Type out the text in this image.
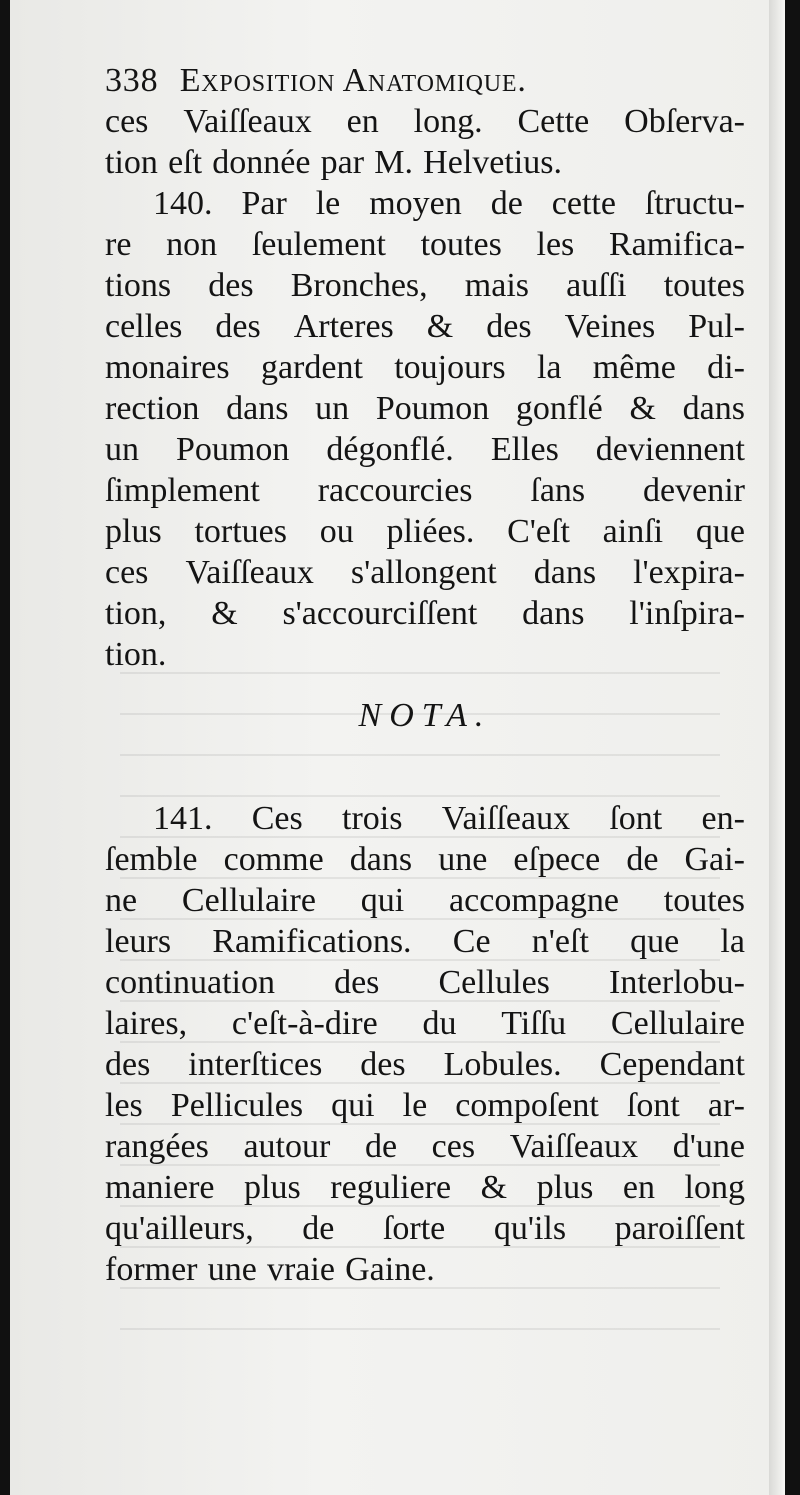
338 Exposition Anatomique.
ces Vaiſſeaux en long. Cette Obſerva-
tion eſt donnée par M. Helvetius.
140. Par le moyen de cette ſtructu-
re non ſeulement toutes les Ramifica-
tions des Bronches, mais auſſi toutes
celles des Arteres & des Veines Pul-
monaires gardent toujours la même di-
rection dans un Poumon gonflé & dans
un Poumon dégonflé. Elles deviennent
ſimplement raccourcies ſans devenir
plus tortues ou pliées. C'eſt ainſi que
ces Vaiſſeaux s'allongent dans l'expira-
tion, & s'accourciſſent dans l'inſpira-
tion.
NOTA.
141. Ces trois Vaiſſeaux ſont en-
ſemble comme dans une eſpece de Gai-
ne Cellulaire qui accompagne toutes
leurs Ramifications. Ce n'eſt que la
continuation des Cellules Interlobu-
laires, c'eſt-à-dire du Tiſſu Cellulaire
des interſtices des Lobules. Cependant
les Pellicules qui le compoſent ſont ar-
rangées autour de ces Vaiſſeaux d'une
maniere plus reguliere & plus en long
qu'ailleurs, de ſorte qu'ils paroiſſent
former une vraie Gaine.
